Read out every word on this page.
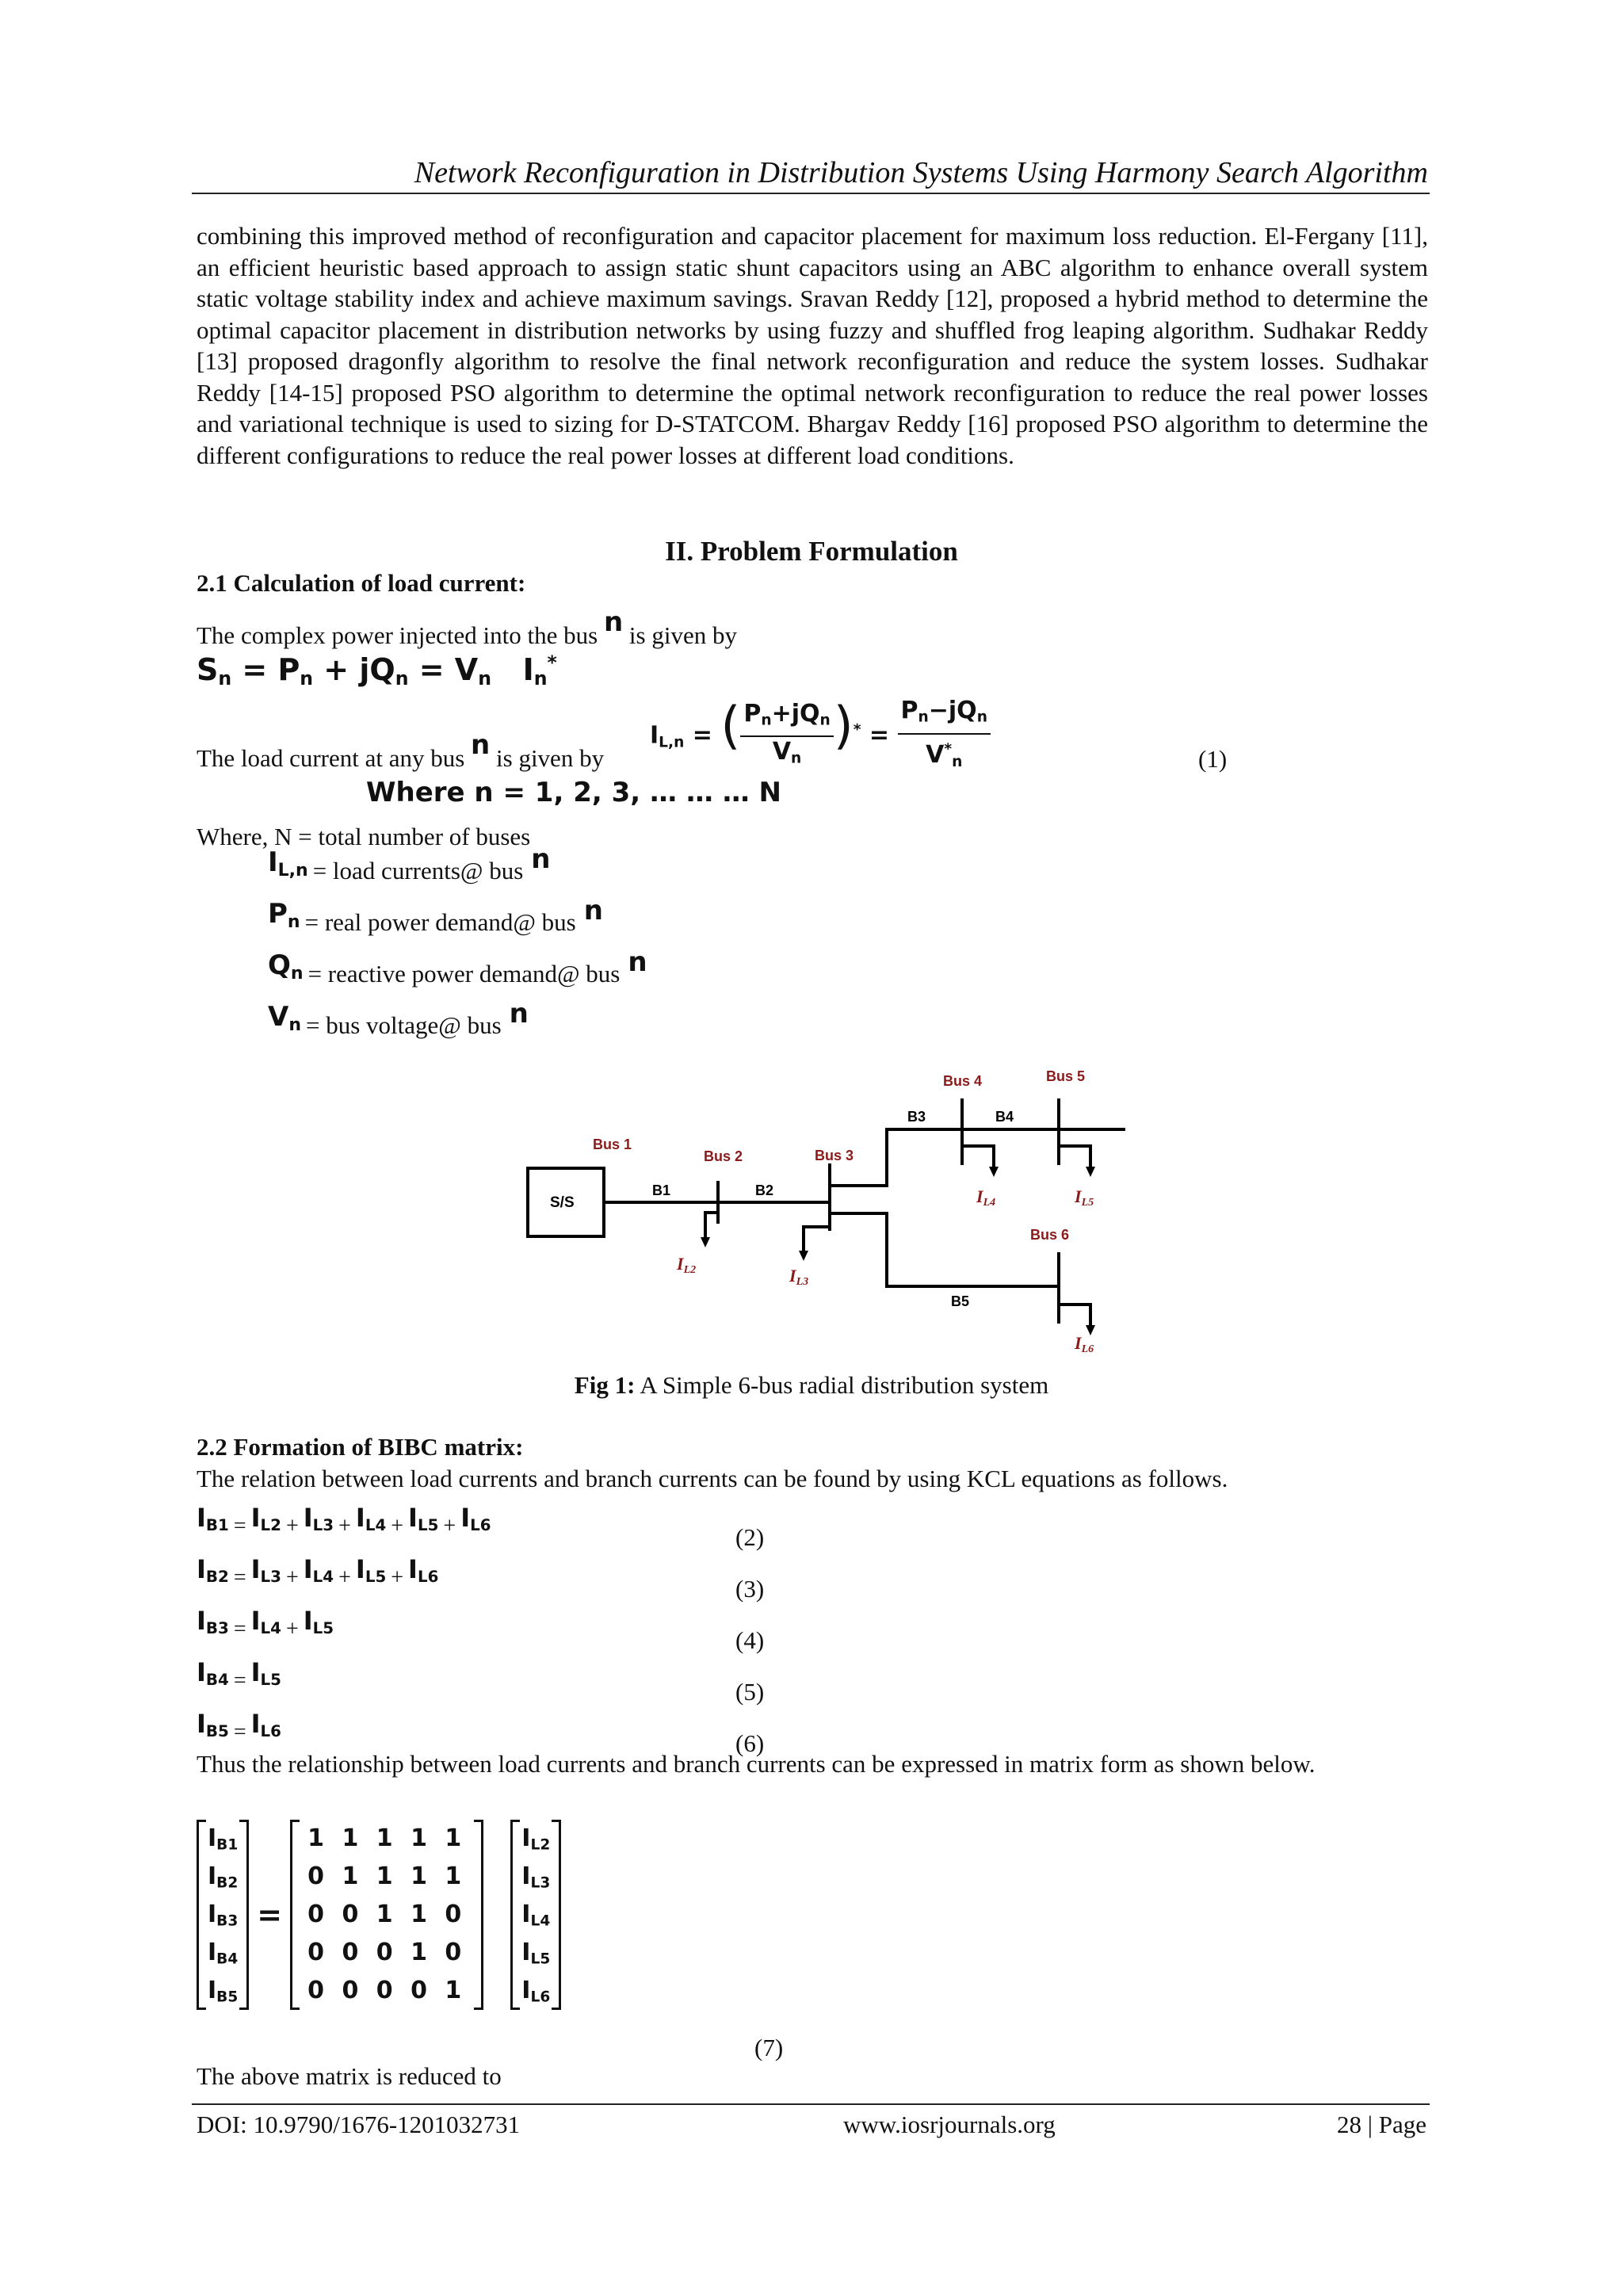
Network Reconfiguration in Distribution Systems Using Harmony Search Algorithm
combining this improved method of reconfiguration and capacitor placement for maximum loss reduction. El-Fergany [11], an efficient heuristic based approach to assign static shunt capacitors using an ABC algorithm to enhance overall system static voltage stability index and achieve maximum savings. Sravan Reddy [12], proposed a hybrid method to determine the optimal capacitor placement in distribution networks by using fuzzy and shuffled frog leaping algorithm. Sudhakar Reddy [13] proposed dragonfly algorithm to resolve the final network reconfiguration and reduce the system losses. Sudhakar Reddy [14-15] proposed PSO algorithm to determine the optimal network reconfiguration to reduce the real power losses and variational technique is used to sizing for D-STATCOM. Bhargav Reddy [16] proposed PSO algorithm to determine the different configurations to reduce the real power losses at different load conditions.
II. Problem Formulation
2.1 Calculation of load current:
The complex power injected into the bus n is given by
$S_n = P_n + jQ_n = V_n$   $I_n^*$
The load current at any bus n is given by
$I_{L,n}$ = ( $\frac{P_n+jQ_n}{V_n} )^* = \frac{P_n-jQ_n}{V^*_n}$	(1)
Where n = 1, 2, 3, … … … N
Where, N = total number of buses
IL,n = load currents@ bus n
Pn = real power demand@ bus n
Qn = reactive power demand@ bus n
Vn = bus voltage@ bus n
S/S
Bus 1
Bus 2	Bus 3
Bus 4	Bus 5
Bus 6
B1	B2
B3	B4
B5
IL2	IL3
IL4	IL5
IL6
Fig 1: A Simple 6-bus radial distribution system
2.2 Formation of BIBC matrix:
The relation between load currents and branch currents can be found by using KCL equations as follows.
$I_{B1} = I_{L2} + I_{L3} + I_{L4} + I_{L5} + I_{L6}$	(2)
$I_{B2} = I_{L3} + I_{L4} + I_{L5} + I_{L6}$	(3)
$I_{B3} = I_{L4} + I_{L5}$	(4)
$I_{B4} = I_{L5}$	(5)
$I_{B5} = I_{L6}$	(6)
Thus the relationship between load currents and branch currents can be expressed in matrix form as shown below.
$I_{B1}$
$I_{B2}$
$I_{B3}$
$I_{B4}$
$I_{B5}$
=
1 1 1 1 1
0 1 1 1 1
0 0 1 1 0
0 0 0 1 0
0 0 0 0 1
$I_{L2}$
$I_{L3}$
$I_{L4}$
$I_{L5}$
$I_{L6}$
(7)
The above matrix is reduced to
DOI: 10.9790/1676-1201032731	www.iosrjournals.org	28 | Page
